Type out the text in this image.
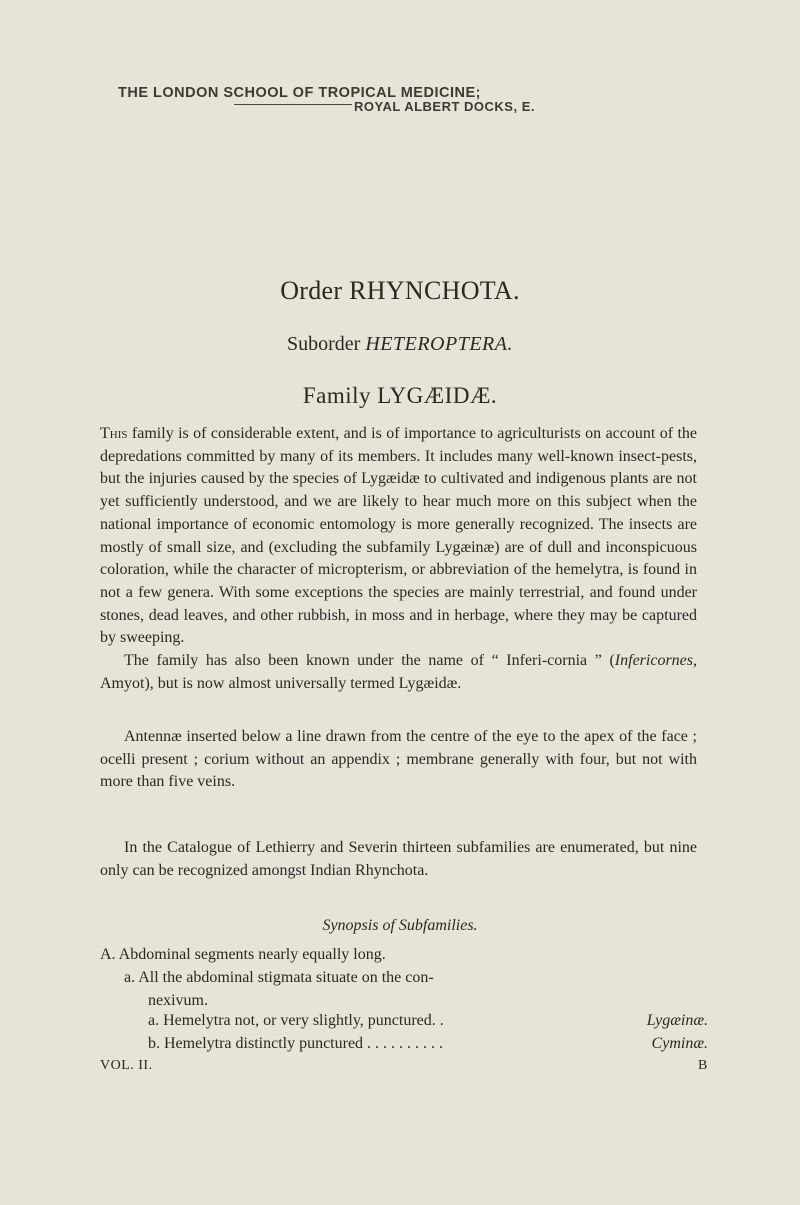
THE LONDON SCHOOL OF TROPICAL MEDICINE;
ROYAL ALBERT DOCKS, E.
Order RHYNCHOTA.
Suborder HETEROPTERA.
Family LYGÆIDÆ.
This family is of considerable extent, and is of importance to agriculturists on account of the depredations committed by many of its members. It includes many well-known insect-pests, but the injuries caused by the species of Lygæidæ to cultivated and indigenous plants are not yet sufficiently understood, and we are likely to hear much more on this subject when the national importance of economic entomology is more generally recognized. The insects are mostly of small size, and (excluding the subfamily Lygæinæ) are of dull and inconspicuous coloration, while the character of micropterism, or abbreviation of the hemelytra, is found in not a few genera. With some exceptions the species are mainly terrestrial, and found under stones, dead leaves, and other rubbish, in moss and in herbage, where they may be captured by sweeping.
The family has also been known under the name of “ Inferi-cornia ” (Infericornes, Amyot), but is now almost universally termed Lygæidæ.
Antennæ inserted below a line drawn from the centre of the eye to the apex of the face ; ocelli present ; corium without an appendix ; membrane generally with four, but not with more than five veins.
In the Catalogue of Lethierry and Severin thirteen subfamilies are enumerated, but nine only can be recognized amongst Indian Rhynchota.
Synopsis of Subfamilies.
A. Abdominal segments nearly equally long.
a. All the abdominal stigmata situate on the con-
nexivum.
a. Hemelytra not, or very slightly, punctured. .	Lygæinæ.
b. Hemelytra distinctly punctured . . . . . . . . . .	Cyminæ.
VOL. II.	B
